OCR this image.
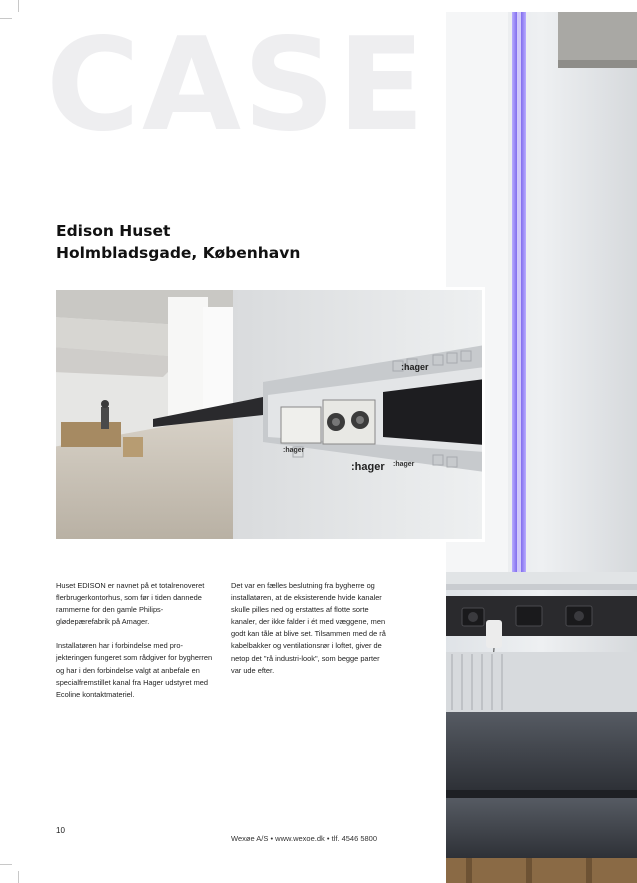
CASE
Edison Huset
Holmbladsgade, København
:hager
:hager
:hager :hager

Huset EDISON er navnet på et totalrenoveret flerbrugerkontorhus, som før i tiden dannede rammerne for den gamle Philips-glødepærefabrik på Amager.

Installatøren har i forbindelse med projekteringen fungeret som rådgiver for bygherren og har i den forbindelse valgt at anbefale en specialfremstillet kanal fra Hager udstyret med Ecoline kontaktmateriel.

Det var en fælles beslutning fra bygherre og installatøren, at de eksisterende hvide kanaler skulle pilles ned og erstattes af flotte sorte kanaler, der ikke falder i ét med væggene, men godt kan tåle at blive set. Tilsammen med de rå kabelbakker og ventilationsrør i loftet, giver de netop det "rå industri-look", som begge parter var ude efter.

10
Wexøe A/S • www.wexoe.dk • tlf. 4546 5800
